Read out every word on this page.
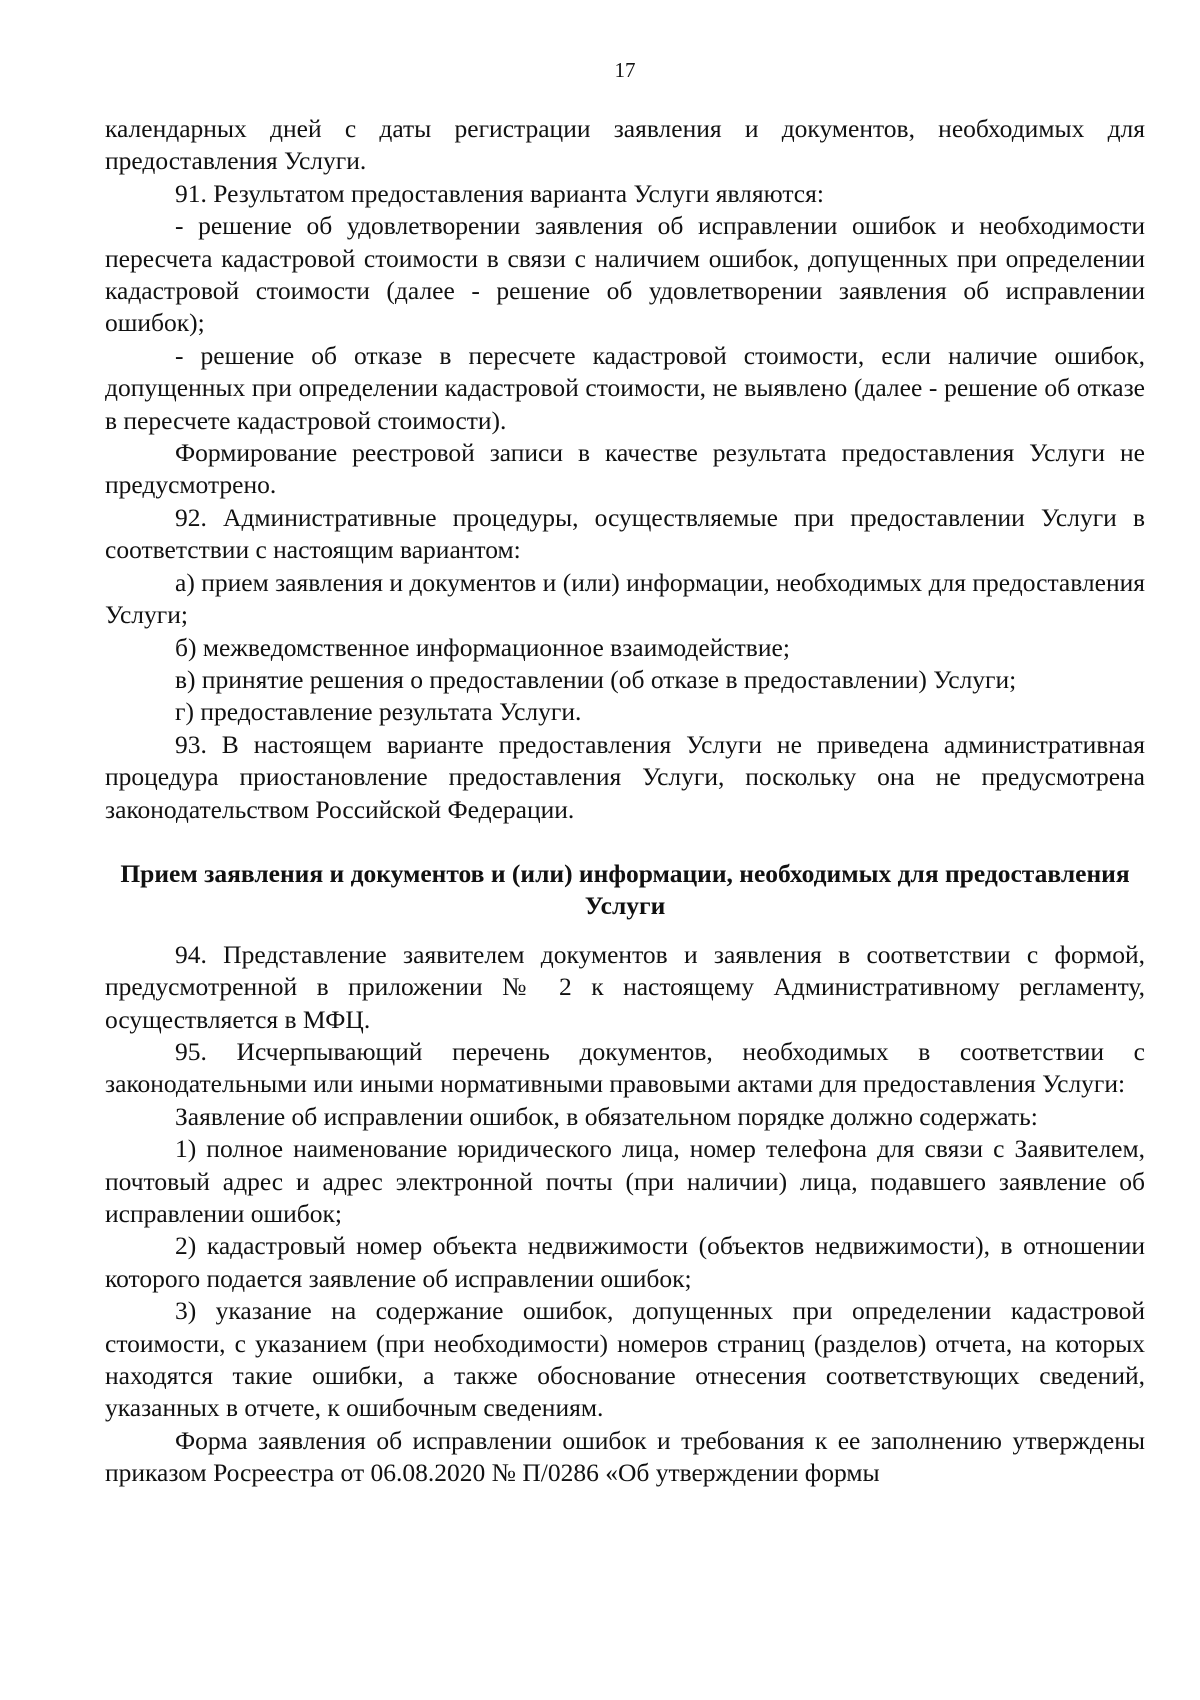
17

календарных дней с даты регистрации заявления и документов, необходимых для предоставления Услуги.

91. Результатом предоставления варианта Услуги являются:

- решение об удовлетворении заявления об исправлении ошибок и необходимости пересчета кадастровой стоимости в связи с наличием ошибок, допущенных при определении кадастровой стоимости (далее - решение об удовлетворении заявления об исправлении ошибок);

- решение об отказе в пересчете кадастровой стоимости, если наличие ошибок, допущенных при определении кадастровой стоимости, не выявлено (далее - решение об отказе в пересчете кадастровой стоимости).

Формирование реестровой записи в качестве результата предоставления Услуги не предусмотрено.

92. Административные процедуры, осуществляемые при предоставлении Услуги в соответствии с настоящим вариантом:

а) прием заявления и документов и (или) информации, необходимых для предоставления Услуги;

б) межведомственное информационное взаимодействие;

в) принятие решения о предоставлении (об отказе в предоставлении) Услуги;

г) предоставление результата Услуги.

93. В настоящем варианте предоставления Услуги не приведена административная процедура приостановление предоставления Услуги, поскольку она не предусмотрена законодательством Российской Федерации.

Прием заявления и документов и (или) информации, необходимых для предоставления Услуги

94. Представление заявителем документов и заявления в соответствии с формой, предусмотренной в приложении № 2 к настоящему Административному регламенту, осуществляется в МФЦ.

95. Исчерпывающий перечень документов, необходимых в соответствии с законодательными или иными нормативными правовыми актами для предоставления Услуги:

Заявление об исправлении ошибок, в обязательном порядке должно содержать:

1) полное наименование юридического лица, номер телефона для связи с Заявителем, почтовый адрес и адрес электронной почты (при наличии) лица, подавшего заявление об исправлении ошибок;

2) кадастровый номер объекта недвижимости (объектов недвижимости), в отношении которого подается заявление об исправлении ошибок;

3) указание на содержание ошибок, допущенных при определении кадастровой стоимости, с указанием (при необходимости) номеров страниц (разделов) отчета, на которых находятся такие ошибки, а также обоснование отнесения соответствующих сведений, указанных в отчете, к ошибочным сведениям.

Форма заявления об исправлении ошибок и требования к ее заполнению утверждены приказом Росреестра от 06.08.2020 № П/0286 «Об утверждении формы
